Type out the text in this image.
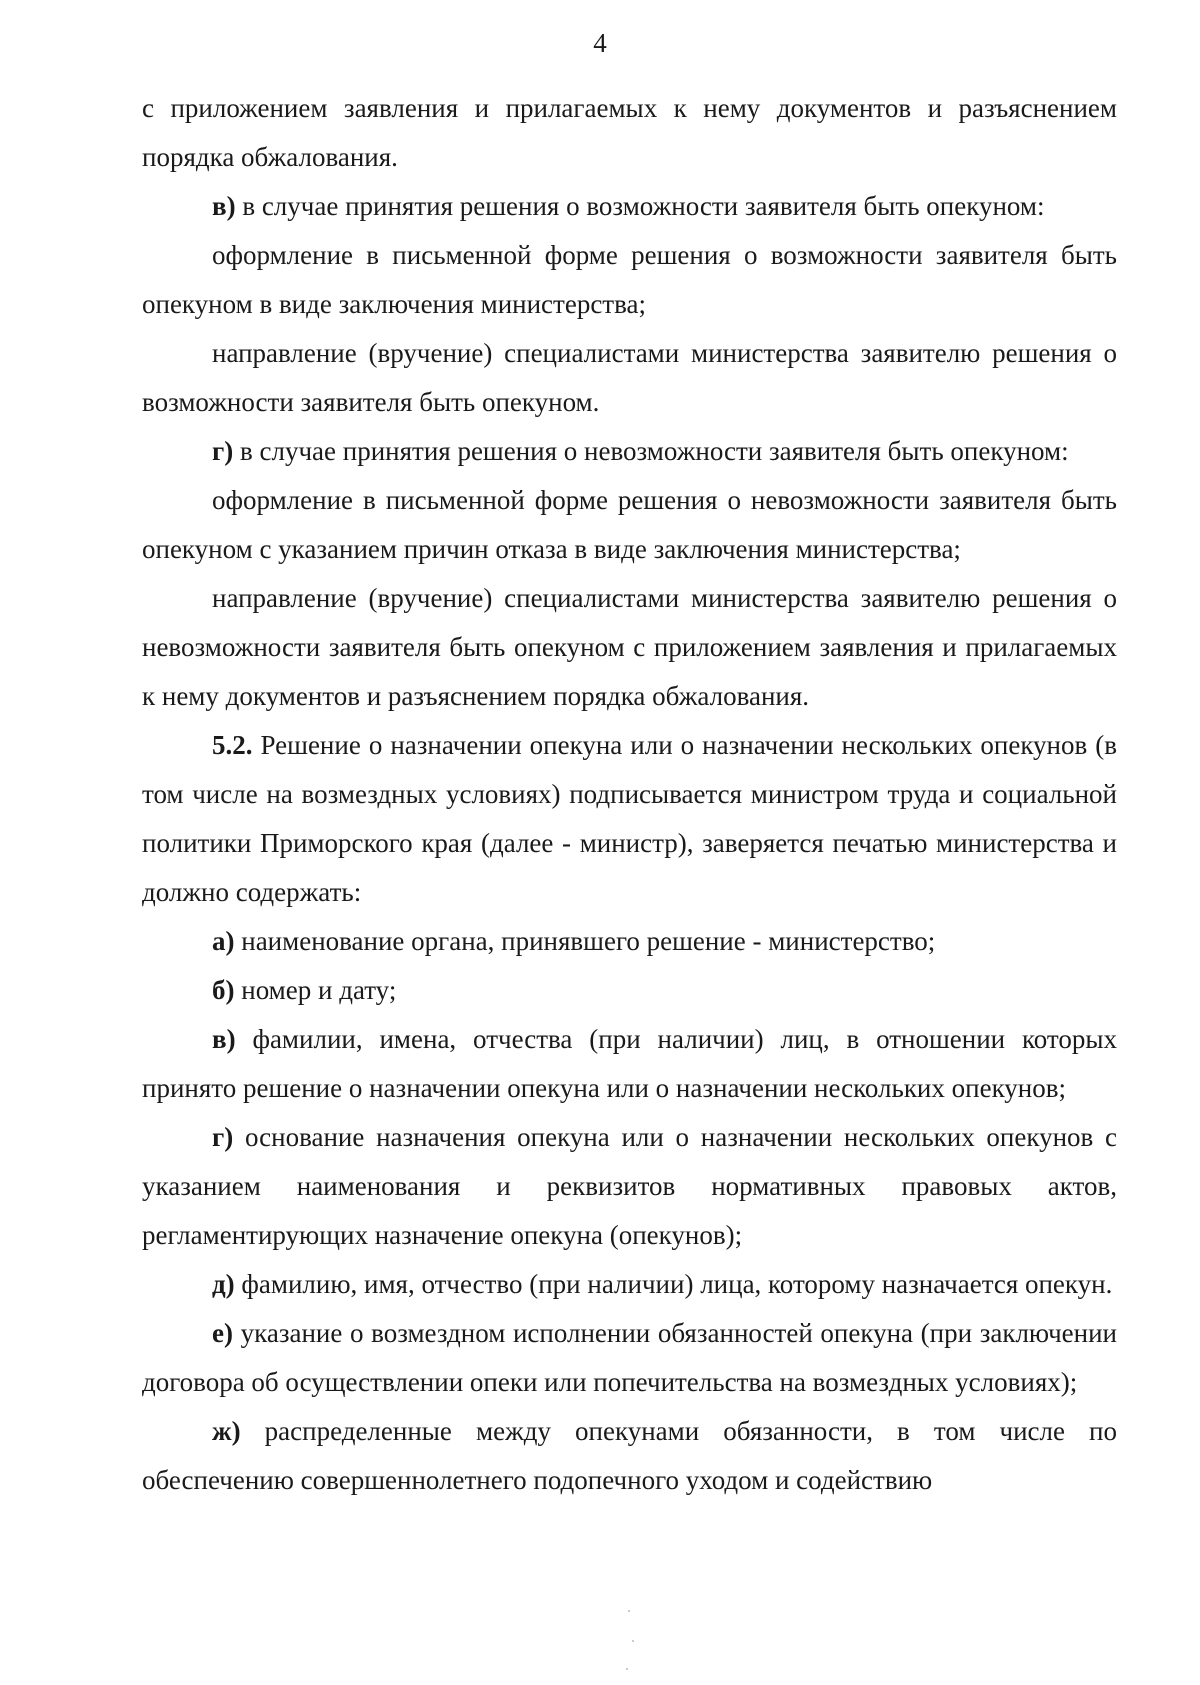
4

с приложением заявления и прилагаемых к нему документов и разъяснением порядка обжалования.

в) в случае принятия решения о возможности заявителя быть опекуном:

оформление в письменной форме решения о возможности заявителя быть опекуном в виде заключения министерства;

направление (вручение) специалистами министерства заявителю решения о возможности заявителя быть опекуном.

г) в случае принятия решения о невозможности заявителя быть опекуном:

оформление в письменной форме решения о невозможности заявителя быть опекуном с указанием причин отказа в виде заключения министерства;

направление (вручение) специалистами министерства заявителю решения о невозможности заявителя быть опекуном с приложением заявления и прилагаемых к нему документов и разъяснением порядка обжалования.

5.2. Решение о назначении опекуна или о назначении нескольких опекунов (в том числе на возмездных условиях) подписывается министром труда и социальной политики Приморского края (далее - министр), заверяется печатью министерства и должно содержать:

а) наименование органа, принявшего решение - министерство;

б) номер и дату;

в) фамилии, имена, отчества (при наличии) лиц, в отношении которых принято решение о назначении опекуна или о назначении нескольких опекунов;

г) основание назначения опекуна или о назначении нескольких опекунов с указанием наименования и реквизитов нормативных правовых актов, регламентирующих назначение опекуна (опекунов);

д) фамилию, имя, отчество (при наличии) лица, которому назначается опекун.

е) указание о возмездном исполнении обязанностей опекуна (при заключении договора об осуществлении опеки или попечительства на возмездных условиях);

ж) распределенные между опекунами обязанности, в том числе по обеспечению совершеннолетнего подопечного уходом и содействию
